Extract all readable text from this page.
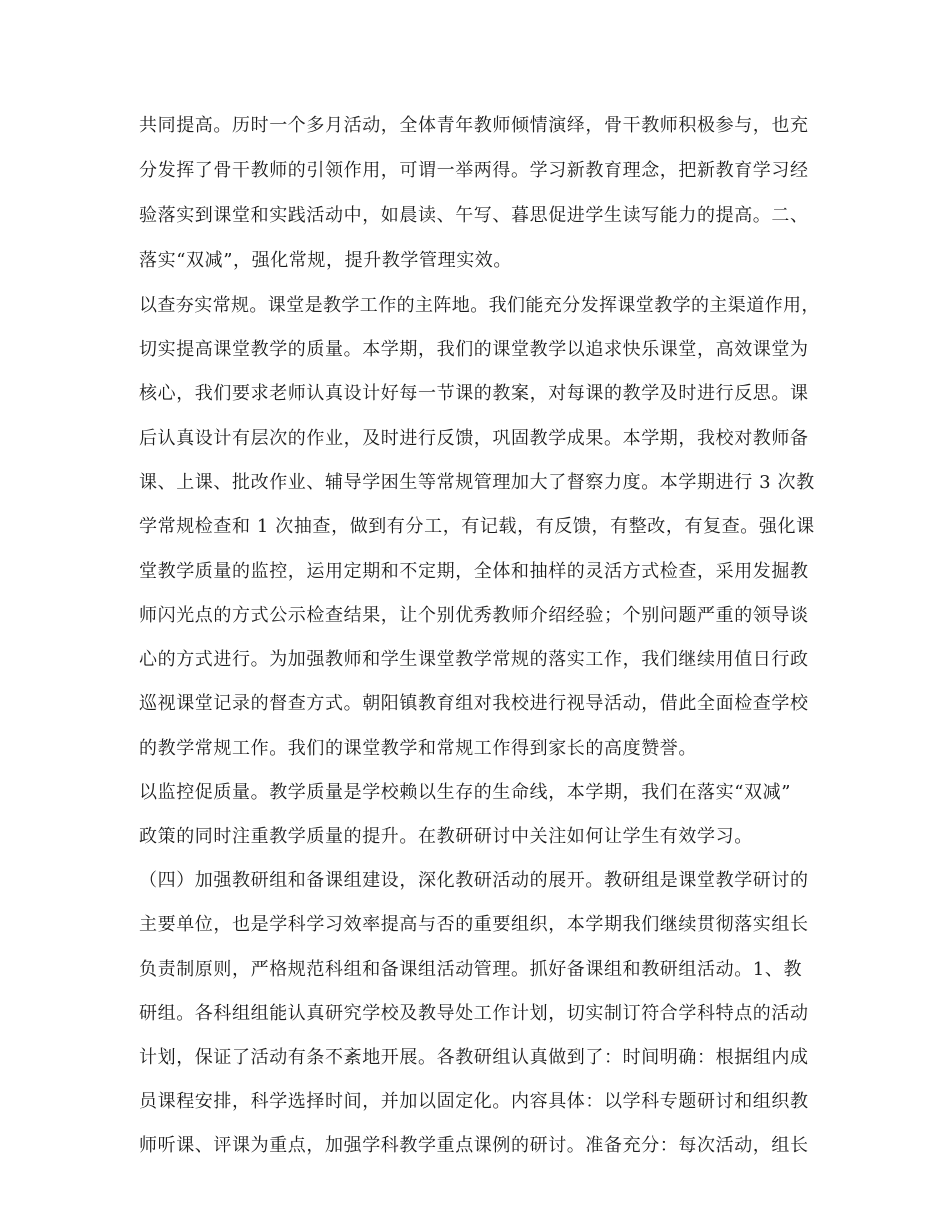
共同提高。历时一个多月活动，全体青年教师倾情演绎，骨干教师积极参与，也充
分发挥了骨干教师的引领作用，可谓一举两得。学习新教育理念，把新教育学习经
验落实到课堂和实践活动中，如晨读、午写、暮思促进学生读写能力的提高。二、
落实“双减”，强化常规，提升教学管理实效。
以查夯实常规。课堂是教学工作的主阵地。我们能充分发挥课堂教学的主渠道作用，
切实提高课堂教学的质量。本学期，我们的课堂教学以追求快乐课堂，高效课堂为
核心，我们要求老师认真设计好每一节课的教案，对每课的教学及时进行反思。课
后认真设计有层次的作业，及时进行反馈，巩固教学成果。本学期，我校对教师备
课、上课、批改作业、辅导学困生等常规管理加大了督察力度。本学期进行 3 次教
学常规检查和 1 次抽查，做到有分工，有记载，有反馈，有整改，有复查。强化课
堂教学质量的监控，运用定期和不定期，全体和抽样的灵活方式检查，采用发掘教
师闪光点的方式公示检查结果，让个别优秀教师介绍经验；个别问题严重的领导谈
心的方式进行。为加强教师和学生课堂教学常规的落实工作，我们继续用值日行政
巡视课堂记录的督查方式。朝阳镇教育组对我校进行视导活动，借此全面检查学校
的教学常规工作。我们的课堂教学和常规工作得到家长的高度赞誉。
以监控促质量。教学质量是学校赖以生存的生命线，本学期，我们在落实“双减”
政策的同时注重教学质量的提升。在教研研讨中关注如何让学生有效学习。
（四）加强教研组和备课组建设，深化教研活动的展开。教研组是课堂教学研讨的
主要单位，也是学科学习效率提高与否的重要组织，本学期我们继续贯彻落实组长
负责制原则，严格规范科组和备课组活动管理。抓好备课组和教研组活动。1、教
研组。各科组组能认真研究学校及教导处工作计划，切实制订符合学科特点的活动
计划，保证了活动有条不紊地开展。各教研组认真做到了：时间明确：根据组内成
员课程安排，科学选择时间，并加以固定化。内容具体：以学科专题研讨和组织教
师听课、评课为重点，加强学科教学重点课例的研讨。准备充分：每次活动，组长
